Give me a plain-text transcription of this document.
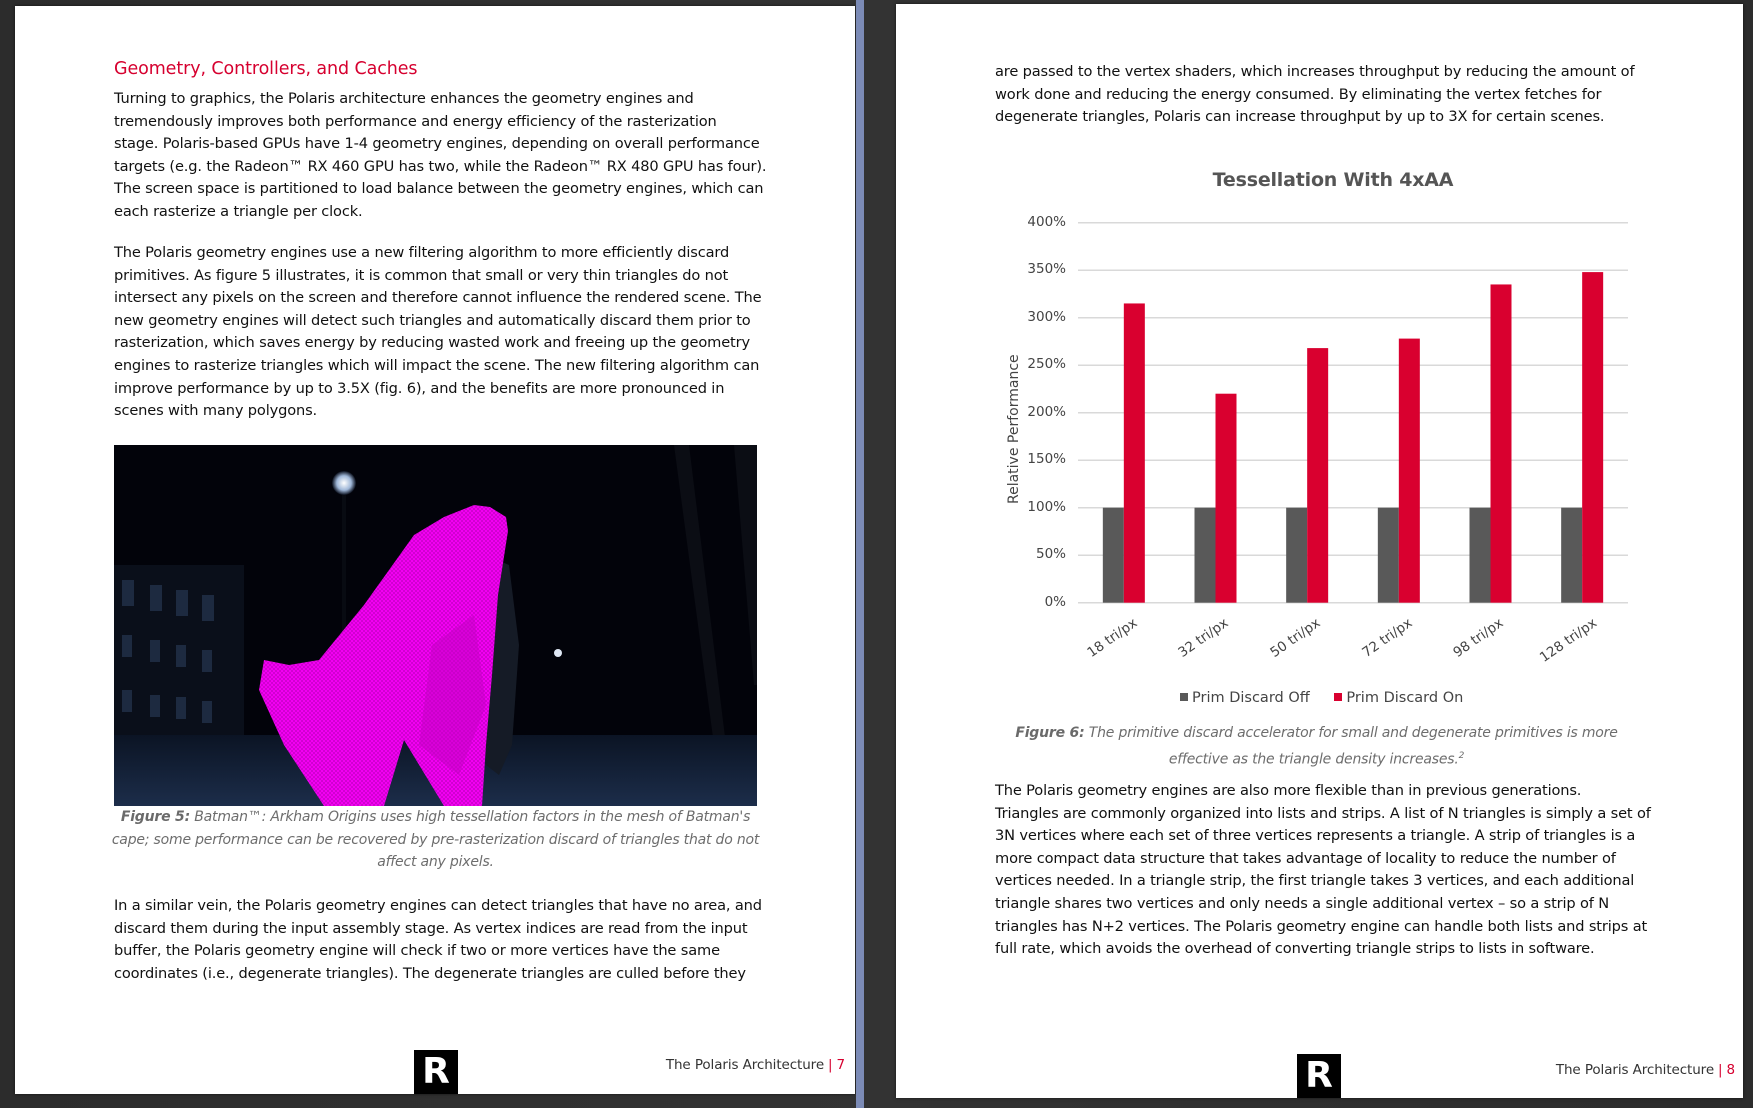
Geometry, Controllers, and Caches
Turning to graphics, the Polaris architecture enhances the geometry engines and
tremendously improves both performance and energy efficiency of the rasterization
stage. Polaris-based GPUs have 1-4 geometry engines, depending on overall performance
targets (e.g. the Radeon™ RX 460 GPU has two, while the Radeon™ RX 480 GPU has four).
The screen space is partitioned to load balance between the geometry engines, which can
each rasterize a triangle per clock.
The Polaris geometry engines use a new filtering algorithm to more efficiently discard
primitives. As figure 5 illustrates, it is common that small or very thin triangles do not
intersect any pixels on the screen and therefore cannot influence the rendered scene. The
new geometry engines will detect such triangles and automatically discard them prior to
rasterization, which saves energy by reducing wasted work and freeing up the geometry
engines to rasterize triangles which will impact the scene. The new filtering algorithm can
improve performance by up to 3.5X (fig. 6), and the benefits are more pronounced in
scenes with many polygons.
Figure 5: Batman™: Arkham Origins uses high tessellation factors in the mesh of Batman's
cape; some performance can be recovered by pre-rasterization discard of triangles that do not
affect any pixels.
In a similar vein, the Polaris geometry engines can detect triangles that have no area, and
discard them during the input assembly stage. As vertex indices are read from the input
buffer, the Polaris geometry engine will check if two or more vertices have the same
coordinates (i.e., degenerate triangles). The degenerate triangles are culled before they
R	The Polaris Architecture | 7
are passed to the vertex shaders, which increases throughput by reducing the amount of
work done and reducing the energy consumed. By eliminating the vertex fetches for
degenerate triangles, Polaris can increase throughput by up to 3X for certain scenes.
Tessellation With 4xAA
Relative Performance
0%
50%
100%
150%
200%
250%
300%
350%
400%
18 tri/px	32 tri/px	50 tri/px	72 tri/px	98 tri/px 128 tri/px
Prim Discard Off	Prim Discard On
Figure 6: The primitive discard accelerator for small and degenerate primitives is more
effective as the triangle density increases.$^2$
The Polaris geometry engines are also more flexible than in previous generations.
Triangles are commonly organized into lists and strips. A list of N triangles is simply a set of
3N vertices where each set of three vertices represents a triangle. A strip of triangles is a
more compact data structure that takes advantage of locality to reduce the number of
vertices needed. In a triangle strip, the first triangle takes 3 vertices, and each additional
triangle shares two vertices and only needs a single additional vertex – so a strip of N
triangles has N+2 vertices. The Polaris geometry engine can handle both lists and strips at
full rate, which avoids the overhead of converting triangle strips to lists in software.
R	The Polaris Architecture | 8
